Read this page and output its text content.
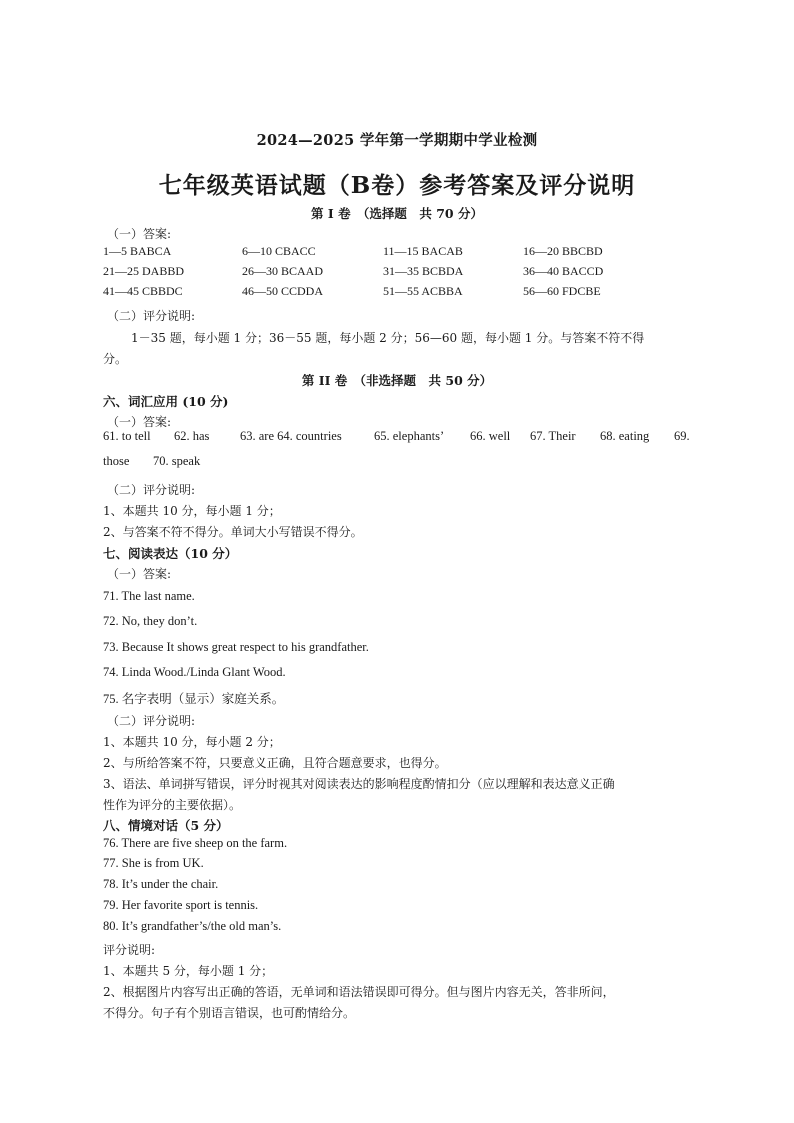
2024—2025 学年第一学期期中学业检测
七年级英语试题（B卷）参考答案及评分说明
第 I 卷　（选择题　共 70 分）
（一）答案:
1—5 BABCA	6—10 CBACC	11—15 BACAB	16—20 BBCBD
21—25 DABBD	26—30 BCAAD	31—35 BCBDA	36—40 BACCD
41—45 CBBDC	46—50 CCDDA	51—55 ACBBA	56—60 FDCBE
（二）评分说明:
1－35 题，每小题 1 分；36－55 题，每小题 2 分；56—60 题，每小题 1 分。与答案不符不得
分。
第 II 卷　（非选择题　共 50 分）
六、词汇应用 (10 分)
（一）答案:
61. to tell 62. has 63. are 64. countries	65. elephants’ 66. well 67. Their 68. eating 69.
those 70. speak
（二）评分说明:
1、本题共 10 分，每小题 1 分；
2、与答案不符不得分。单词大小写错误不得分。
七、阅读表达（10 分）
（一）答案:
71. The last name.
72. No, they don’t.
73. Because It shows great respect to his grandfather.
74. Linda Wood./Linda Glant Wood.
75. 名字表明（显示）家庭关系。
（二）评分说明:
1、本题共 10 分，每小题 2 分；
2、与所给答案不符，只要意义正确，且符合题意要求，也得分。
3、语法、单词拼写错误，评分时视其对阅读表达的影响程度酌情扣分（应以理解和表达意义正确
性作为评分的主要依据）。
八、情境对话（5 分）
76. There are five sheep on the farm.
77. She is from UK.
78. It’s under the chair.
79. Her favorite sport is tennis.
80. It’s grandfather’s/the old man’s.
评分说明:
1、本题共 5 分，每小题 1 分；
2、根据图片内容写出正确的答语，无单词和语法错误即可得分。但与图片内容无关，答非所问，
不得分。句子有个别语言错误，也可酌情给分。
